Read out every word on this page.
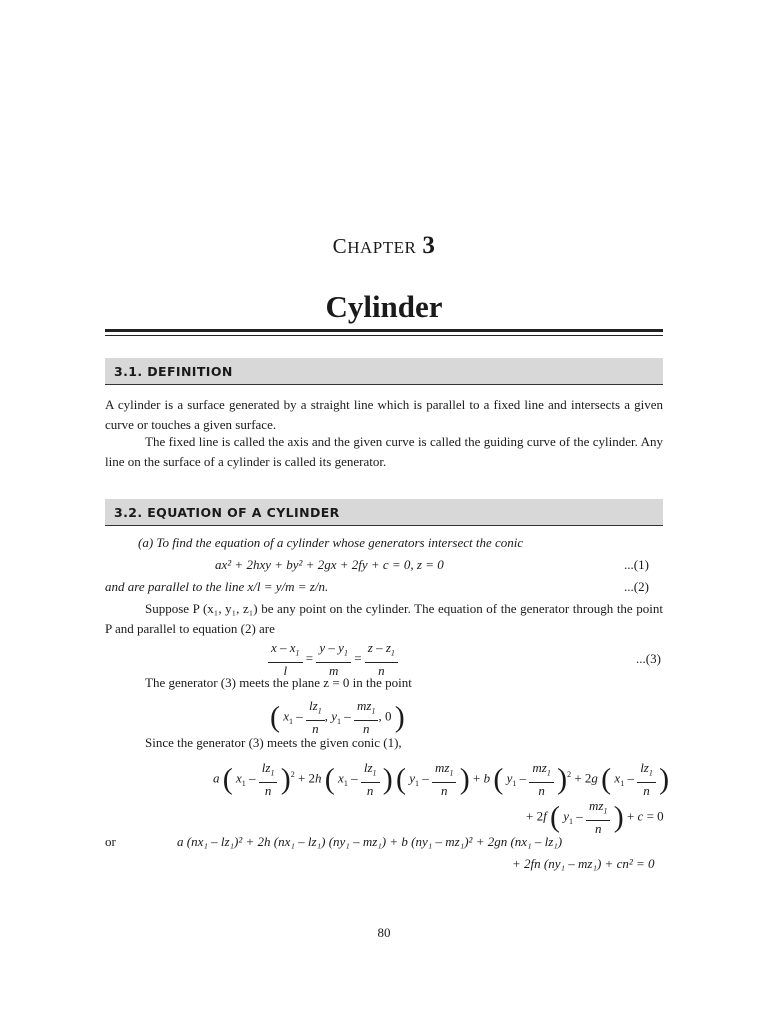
CHAPTER 3
Cylinder
3.1. DEFINITION
A cylinder is a surface generated by a straight line which is parallel to a fixed line and intersects a given curve or touches a given surface.
The fixed line is called the axis and the given curve is called the guiding curve of the cylinder. Any line on the surface of a cylinder is called its generator.
3.2. EQUATION OF A CYLINDER
(a) To find the equation of a cylinder whose generators intersect the conic
ax² + 2hxy + by² + 2gx + 2fy + c = 0, z = 0	...(1)
and are parallel to the line x/l = y/m = z/n.	...(2)
Suppose P (x₁, y₁, z₁) be any point on the cylinder. The equation of the generator through the point P and parallel to equation (2) are
$\frac{x - x_1}{l} = \frac{y - y_1}{m} = \frac{z - z_1}{n}$	...(3)
The generator (3) meets the plane z = 0 in the point
( $x_1 - \frac{lz_1}{n}$ , $y_1 - \frac{mz_1}{n}$ , 0 )
Since the generator (3) meets the given conic (1),
a ( $x_1 - \frac{lz_1}{n} )^2 + 2h$ ( $x_1 - \frac{lz_1}{n}$ ) ( $y_1 - \frac{mz_1}{n}$ ) + b ( $y_1 - \frac{mz_1}{n} )^2 + 2g$ ( $x_1 - \frac{lz_1}{n}$ )
+ 2f ( $y_1 - \frac{mz_1}{n}$ ) + c = 0
or	a (nx₁ – lz₁)² + 2h (nx₁ – lz₁) (ny₁ – mz₁) + b (ny₁ – mz₁)² + 2gn (nx₁ – lz₁)
+ 2fn (ny₁ – mz₁) + cn² = 0
80
